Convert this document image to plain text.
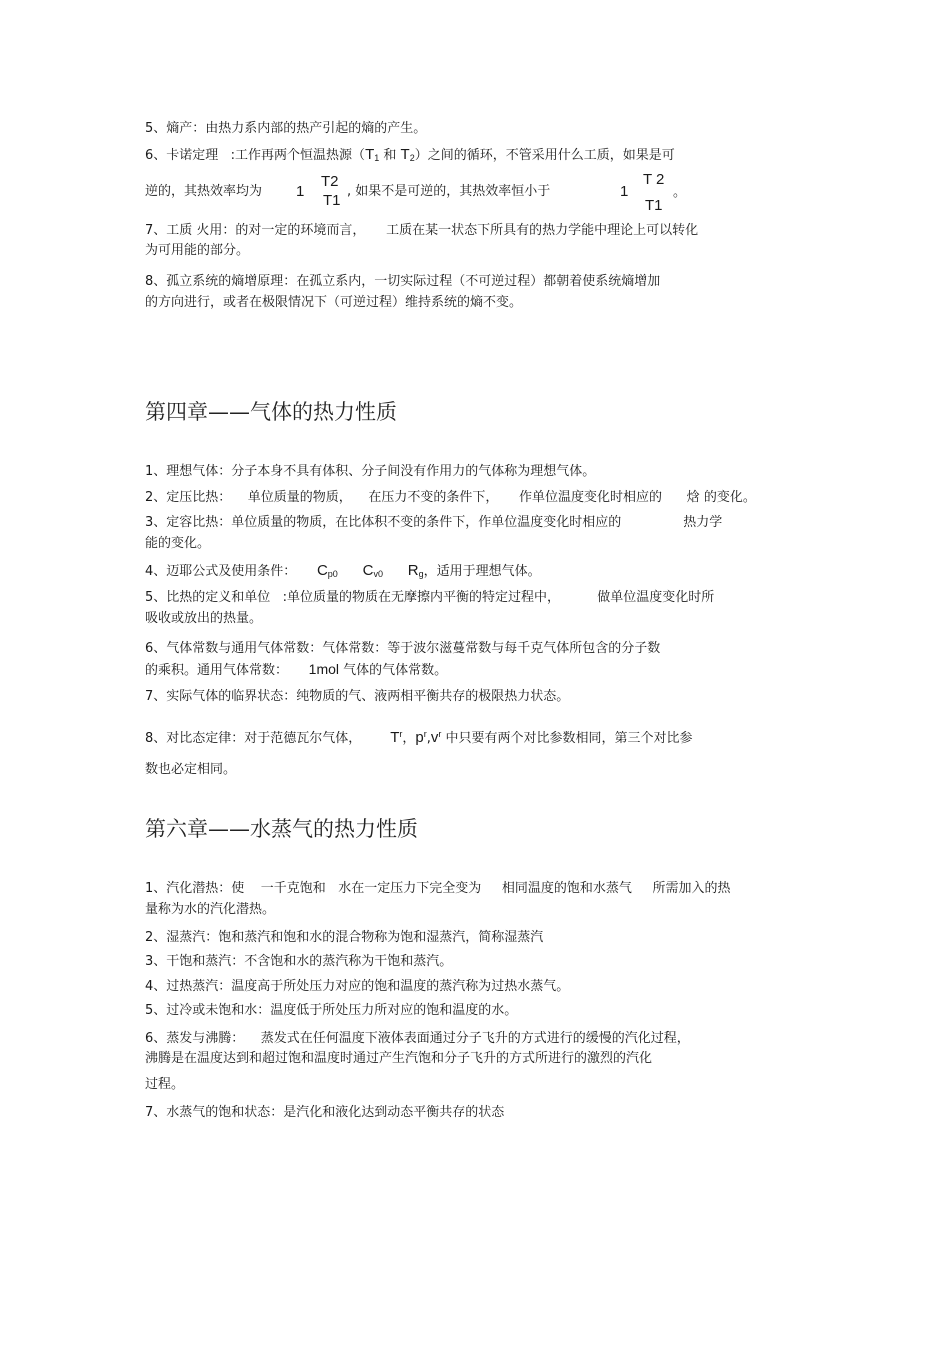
5、熵产：由热力系内部的热产引起的熵的产生。
6、卡诺定理   :工作再两个恒温热源（$T_1$ 和 $T_2$）之间的循环，不管采用什么工质，如果是可
逆的，其热效率均为 1
T2
T1
, 如果不是可逆的，其热效率恒小于	1
T 2
T1
。
7、工质 火用：的对一定的环境而言，     工质在某一状态下所具有的热力学能中理论上可以转化
为可用能的部分。
8、孤立系统的熵增原理：在孤立系内，一切实际过程（不可逆过程）都朝着使系统熵增加
的方向进行，或者在极限情况下（可逆过程）维持系统的熵不变。
第四章——气体的热力性质
1、理想气体：分子本身不具有体积、分子间没有作用力的气体称为理想气体。
2、定压比热：    单位质量的物质，    在压力不变的条件下，     作单位温度变化时相应的      焓 的变化。
3、定容比热：单位质量的物质，在比体积不变的条件下，作单位温度变化时相应的               热力学
能的变化。
4、迈耶公式及使用条件：     $C_{p0}$ $C_{v0}$ $R_g$，适用于理想气体。
5、比热的定义和单位   :单位质量的物质在无摩擦内平衡的特定过程中，         做单位温度变化时所
吸收或放出的热量。
6、气体常数与通用气体常数：气体常数：等于波尔滋蔓常数与每千克气体所包含的分子数
的乘积。通用气体常数：     1mol 气体的气体常数。
7、实际气体的临界状态：纯物质的气、液两相平衡共存的极限热力状态。
8、对比态定律：对于范德瓦尔气体，       $T^r$，$p^r,v^r$ 中只要有两个对比参数相同，第三个对比参
数也必定相同。
第六章——水蒸气的热力性质
1、汽化潜热：使    一千克饱和   水在一定压力下完全变为     相同温度的饱和水蒸气     所需加入的热
量称为水的汽化潜热。
2、湿蒸汽：饱和蒸汽和饱和水的混合物称为饱和湿蒸汽，简称湿蒸汽
3、干饱和蒸汽：不含饱和水的蒸汽称为干饱和蒸汽。
4、过热蒸汽：温度高于所处压力对应的饱和温度的蒸汽称为过热水蒸气。
5、过冷或未饱和水：温度低于所处压力所对应的饱和温度的水。
6、蒸发与沸腾：    蒸发式在任何温度下液体表面通过分子飞升的方式进行的缓慢的汽化过程，
沸腾是在温度达到和超过饱和温度时通过产生汽饱和分子飞升的方式所进行的激烈的汽化
过程。
7、水蒸气的饱和状态：是汽化和液化达到动态平衡共存的状态
